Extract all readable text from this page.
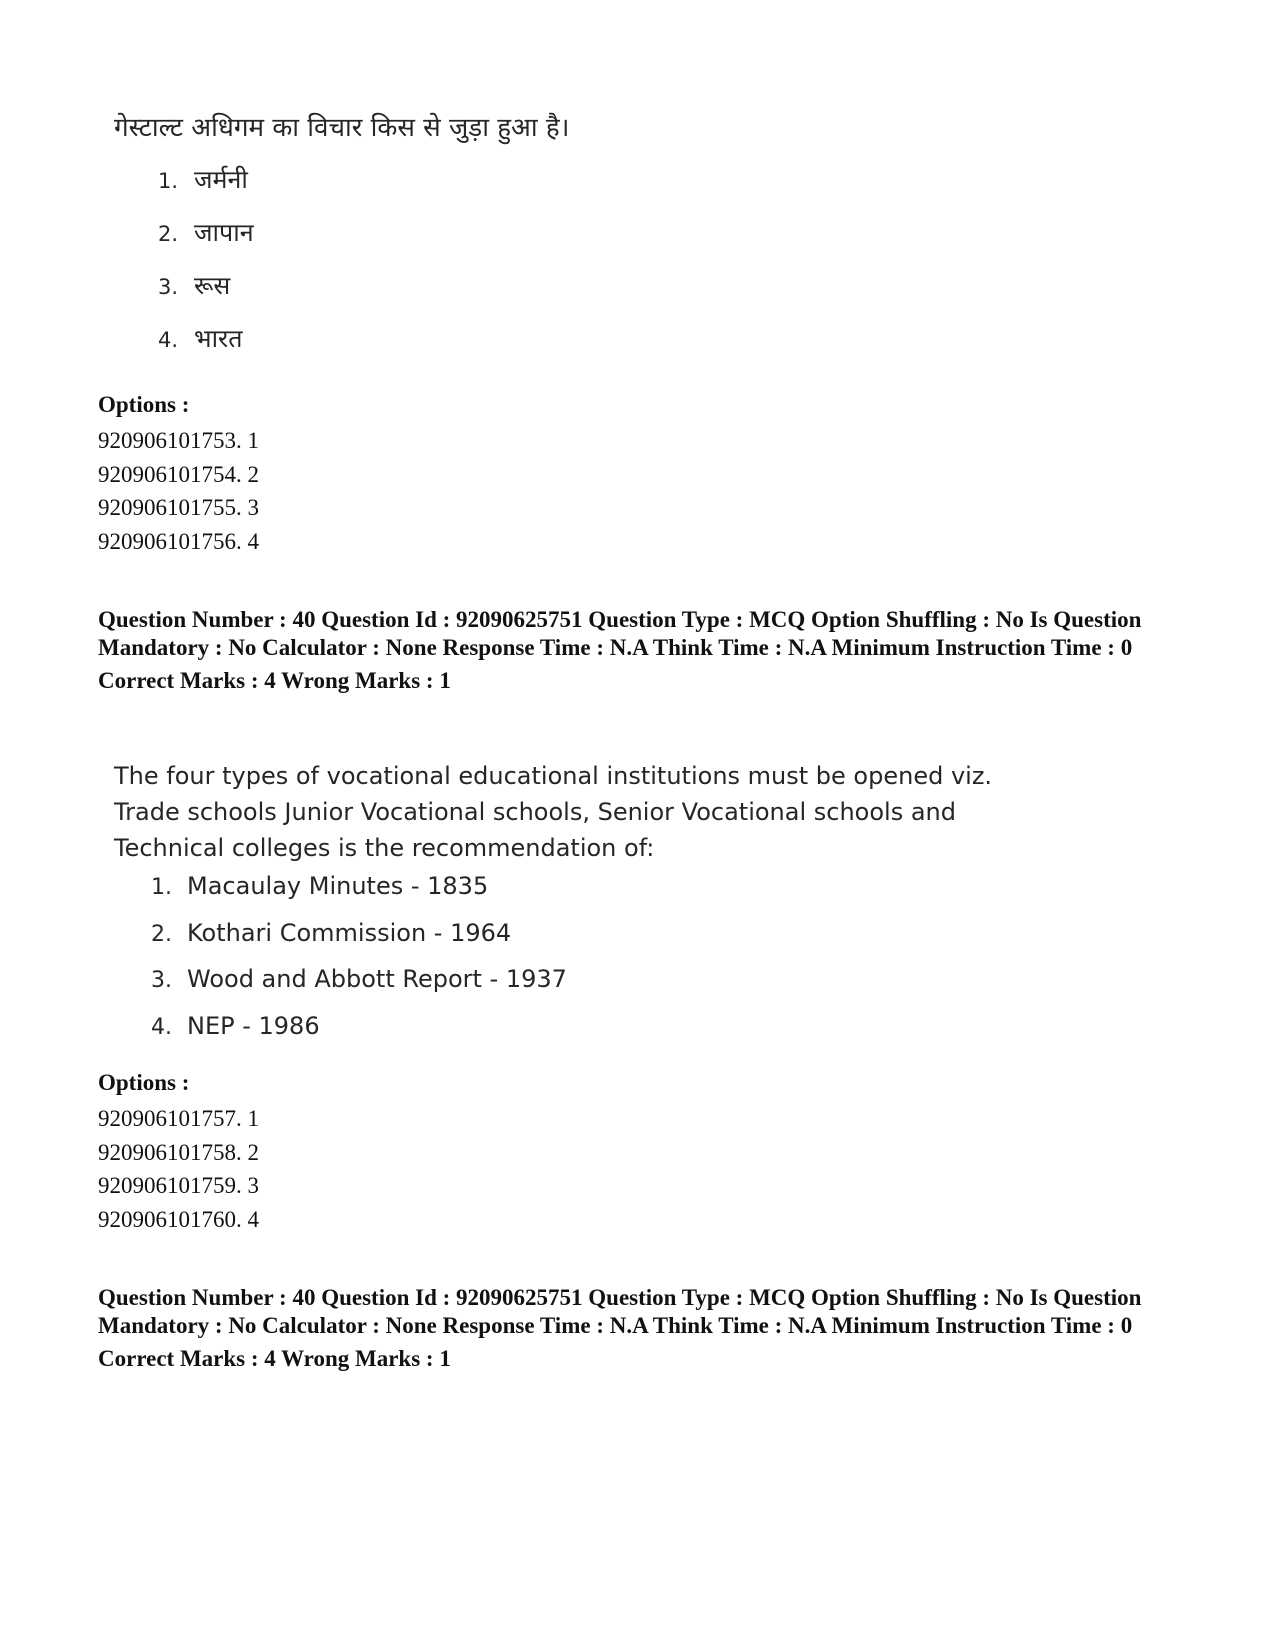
गेस्टाल्ट अधिगम का विचार किस से जुड़ा हुआ है।

1. जर्मनी
2. जापान
3. रूस
4. भारत
Options :
920906101753. 1
920906101754. 2
920906101755. 3
920906101756. 4

Question Number : 40 Question Id : 92090625751 Question Type : MCQ Option Shuffling : No Is Question Mandatory : No Calculator : None Response Time : N.A Think Time : N.A Minimum Instruction Time : 0

Correct Marks : 4 Wrong Marks : 1

The four types of vocational educational institutions must be opened viz.

Trade schools Junior Vocational schools, Senior Vocational schools and

Technical colleges is the recommendation of:

1. Macaulay Minutes - 1835
2. Kothari Commission - 1964
3. Wood and Abbott Report - 1937
4. NEP - 1986
Options :
920906101757. 1
920906101758. 2
920906101759. 3
920906101760. 4

Question Number : 40 Question Id : 92090625751 Question Type : MCQ Option Shuffling : No Is Question Mandatory : No Calculator : None Response Time : N.A Think Time : N.A Minimum Instruction Time : 0

Correct Marks : 4 Wrong Marks : 1
